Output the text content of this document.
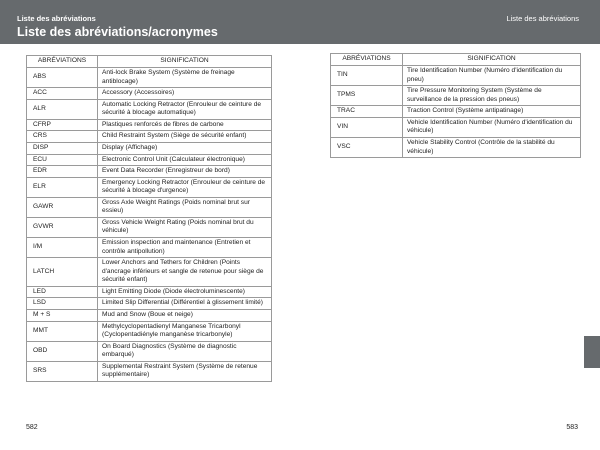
Liste des abréviations
Liste des abréviations/acronymes
Liste des abréviations
ABRÉVIATIONS	SIGNIFICATION
ABS	Anti-lock Brake System (Système de freinage antiblocage)
ACC	Accessory (Accessoires)
ALR	Automatic Locking Retractor (Enrouleur de ceinture de sécurité à blocage automatique)
CFRP	Plastiques renforcés de fibres de carbone
CRS	Child Restraint System (Siège de sécurité enfant)
DISP	Display (Affichage)
ECU	Electronic Control Unit (Calculateur électronique)
EDR	Event Data Recorder (Enregistreur de bord)
ELR	Emergency Locking Retractor (Enrouleur de ceinture de sécurité à blocage d'urgence)
GAWR	Gross Axle Weight Ratings (Poids nominal brut sur essieu)
GVWR	Gross Vehicle Weight Rating (Poids nominal brut du véhicule)
I/M	Emission inspection and maintenance (Entretien et contrôle antipollution)
LATCH	Lower Anchors and Tethers for Children (Points d'ancrage inférieurs et sangle de retenue pour siège de sécurité enfant)
LED	Light Emitting Diode (Diode électroluminescente)
LSD	Limited Slip Differential (Différentiel à glissement limité)
M + S	Mud and Snow (Boue et neige)
MMT	Methylcyclopentadienyl Manganese Tricarbonyl (Cyclopentadiényle manganèse tricarbonyle)
OBD	On Board Diagnostics (Système de diagnostic embarqué)
SRS	Supplemental Restraint System (Système de retenue supplémentaire)
ABRÉVIATIONS	SIGNIFICATION
TIN	Tire Identification Number (Numéro d'identification du pneu)
TPMS	Tire Pressure Monitoring System (Système de surveillance de la pression des pneus)
TRAC	Traction Control (Système antipatinage)
VIN	Vehicle Identification Number (Numéro d'identification du véhicule)
VSC	Vehicle Stability Control (Contrôle de la stabilité du véhicule)
582	583
